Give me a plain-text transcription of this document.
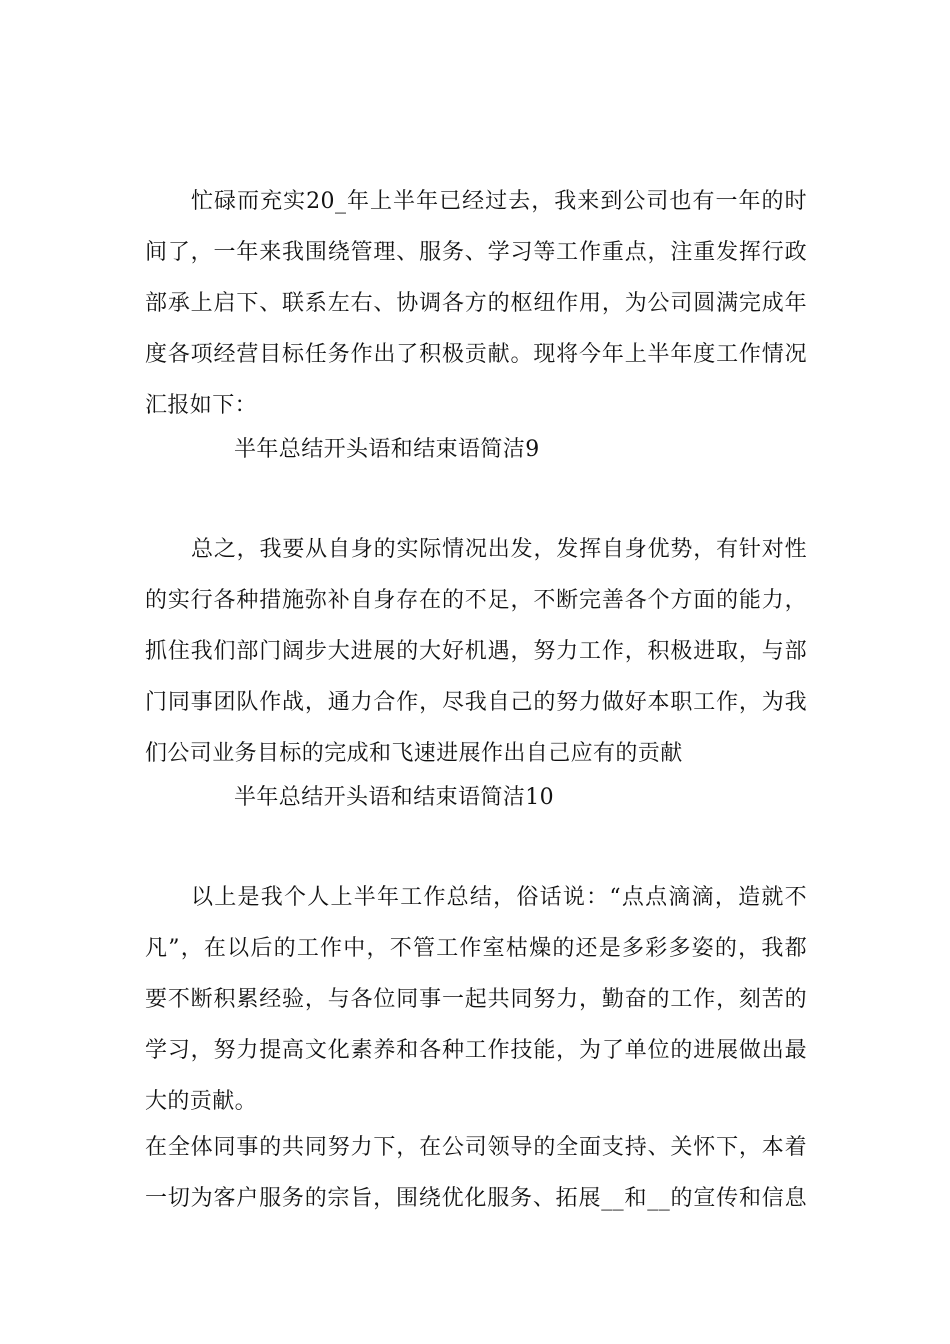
忙碌而充实20_年上半年已经过去，我来到公司也有一年的时
间了，一年来我围绕管理、服务、学习等工作重点，注重发挥行政
部承上启下、联系左右、协调各方的枢纽作用，为公司圆满完成年
度各项经营目标任务作出了积极贡献。现将今年上半年度工作情况
汇报如下：
半年总结开头语和结束语简洁9
总之，我要从自身的实际情况出发，发挥自身优势，有针对性
的实行各种措施弥补自身存在的不足，不断完善各个方面的能力，
抓住我们部门阔步大进展的大好机遇，努力工作，积极进取，与部
门同事团队作战，通力合作，尽我自己的努力做好本职工作，为我
们公司业务目标的完成和飞速进展作出自己应有的贡献
半年总结开头语和结束语简洁10
以上是我个人上半年工作总结，俗话说：“点点滴滴，造就不
凡”，在以后的工作中，不管工作室枯燥的还是多彩多姿的，我都
要不断积累经验，与各位同事一起共同努力，勤奋的工作，刻苦的
学习，努力提高文化素养和各种工作技能，为了单位的进展做出最
大的贡献。
在全体同事的共同努力下，在公司领导的全面支持、关怀下，本着
一切为客户服务的宗旨，围绕优化服务、拓展__和__的宣传和信息
